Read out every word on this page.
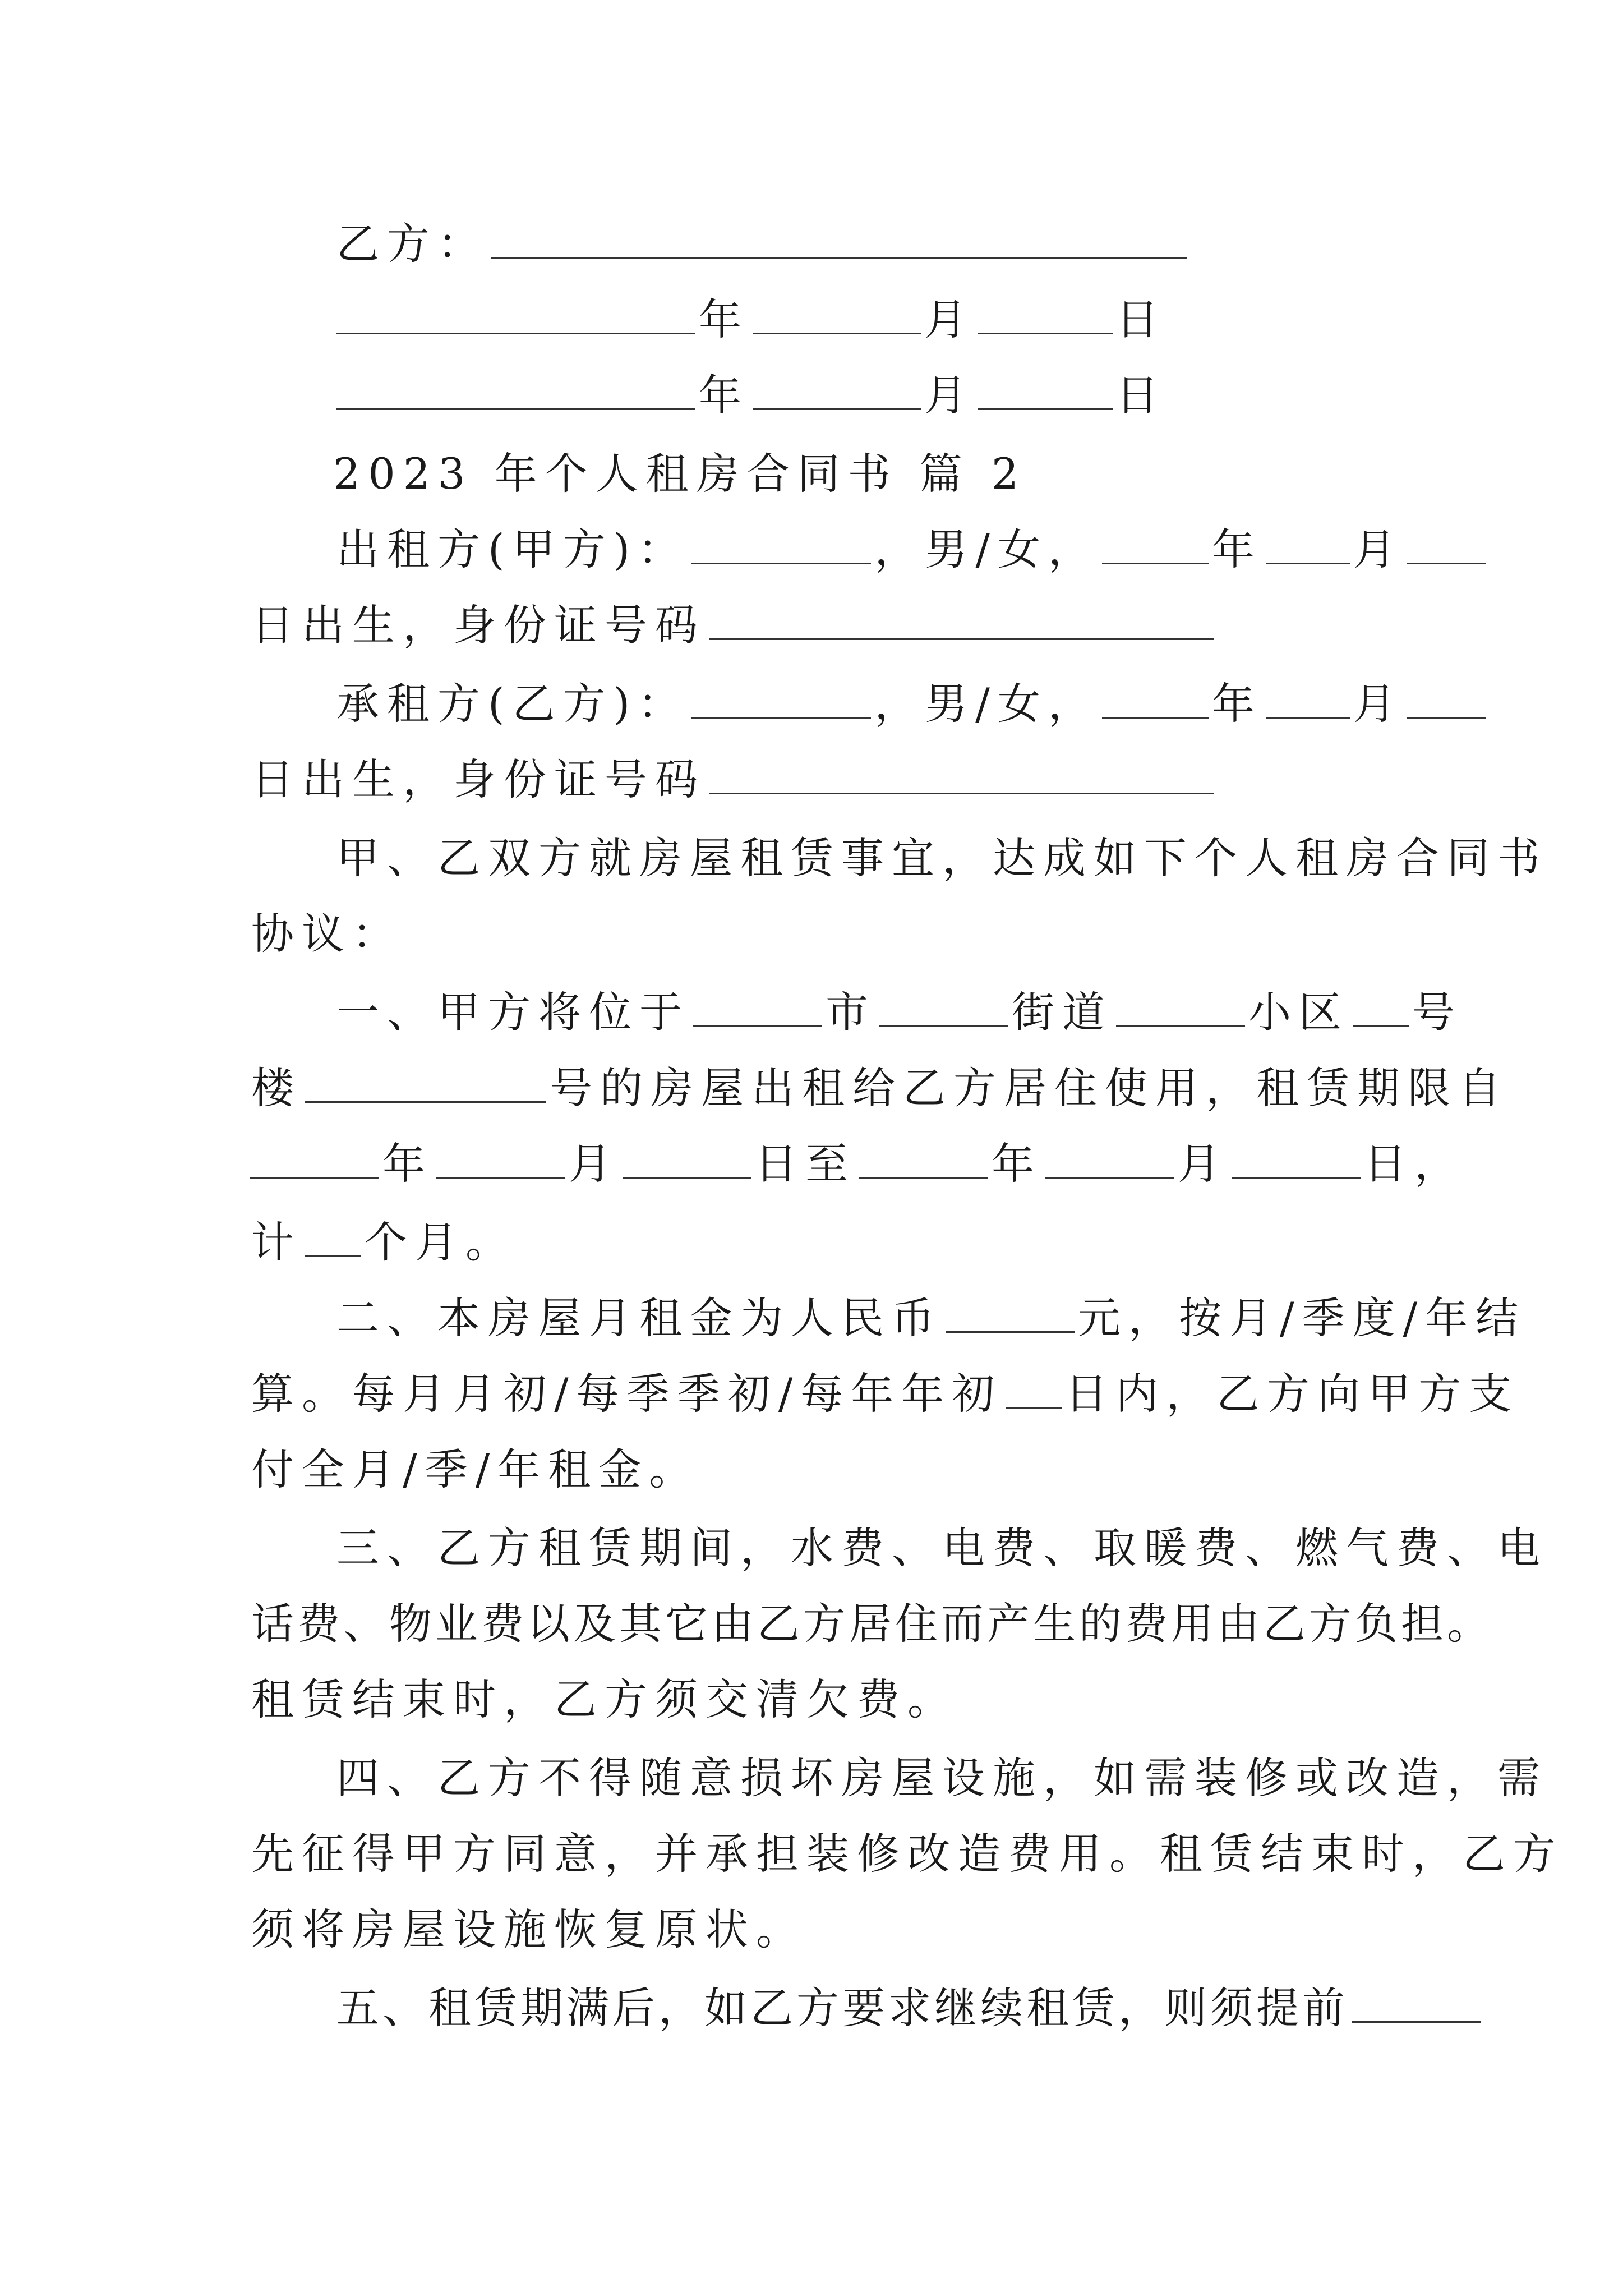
乙方：
年	月	日
年	月	日
2023 年个人租房合同书 篇 2
出租方(甲方)：	，男/女，	年 月
日出生，身份证号码
承租方(乙方)：	，男/女，	年 月
日出生，身份证号码
甲、乙双方就房屋租赁事宜，达成如下个人租房合同书
协议：
一、甲方将位于	市	街道	小区 号
楼	号的房屋出租给乙方居住使用，租赁期限自
年	月	日至	年	月	日，
计 个月。
二、本房屋月租金为人民币	元，按月/季度/年结
算。每月月初/每季季初/每年年初 日内，乙方向甲方支
付全月/季/年租金。
三、乙方租赁期间，水费、电费、取暖费、燃气费、电
话费、物业费以及其它由乙方居住而产生的费用由乙方负担。
租赁结束时，乙方须交清欠费。
四、乙方不得随意损坏房屋设施，如需装修或改造，需
先征得甲方同意，并承担装修改造费用。租赁结束时，乙方
须将房屋设施恢复原状。
五、租赁期满后，如乙方要求继续租赁，则须提前
